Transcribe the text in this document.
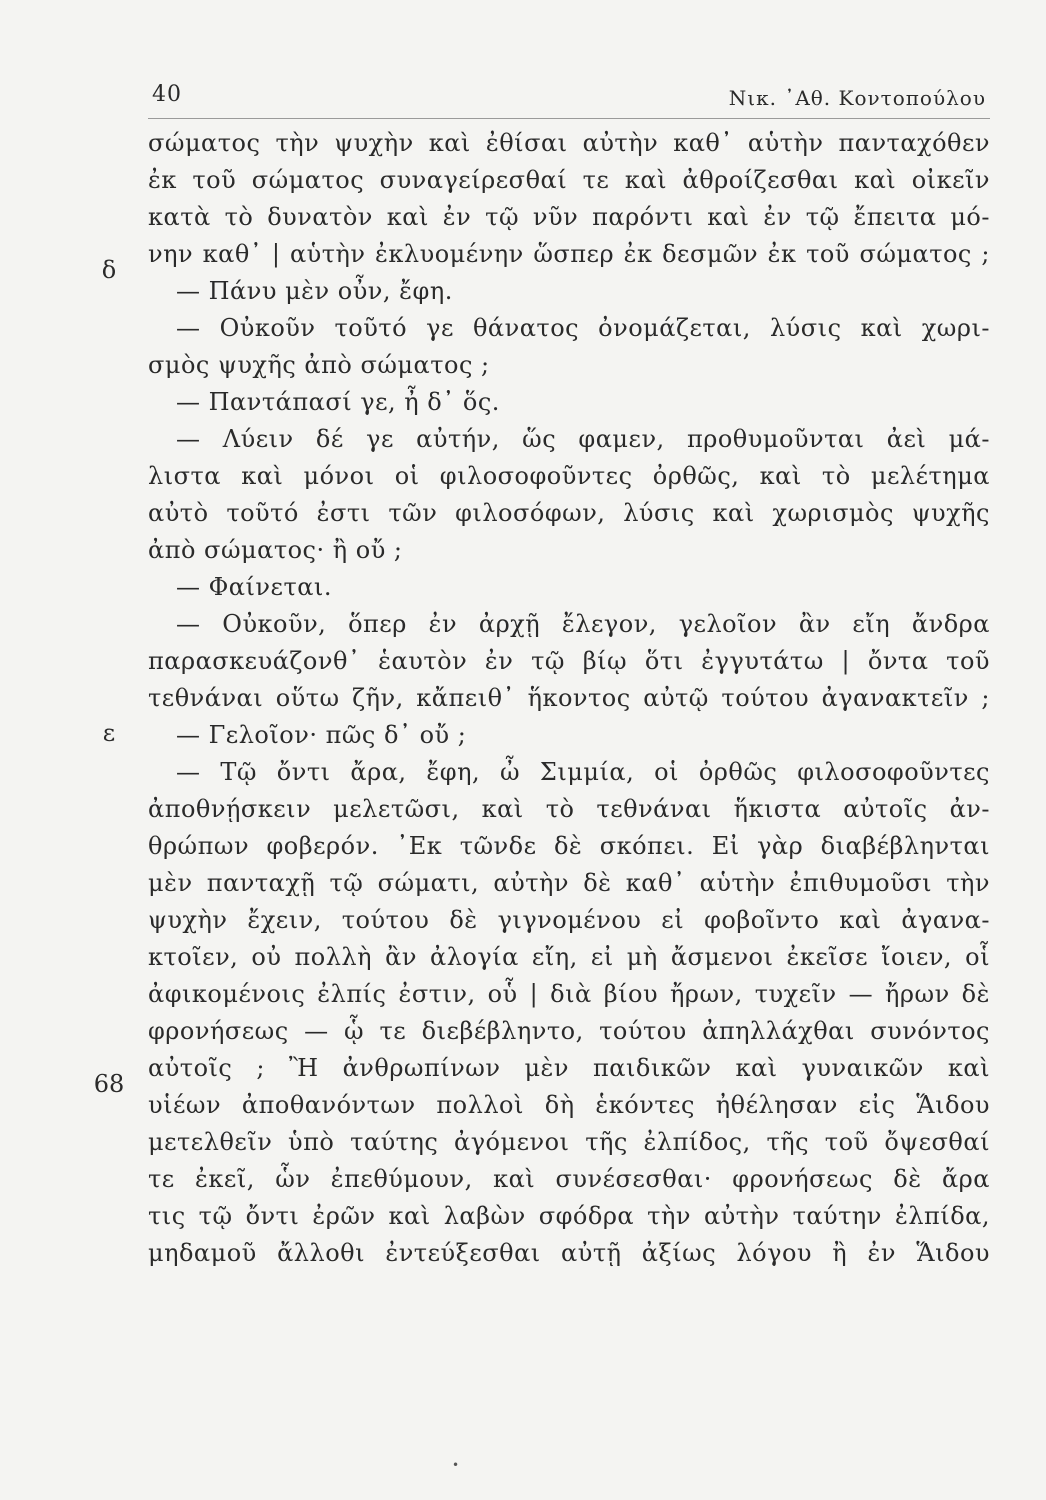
40	Νικ. ᾿Αθ. Κοντοπούλου
δ
ε
68
σώματος τὴν ψυχὴν καὶ ἐθίσαι αὐτὴν καθ᾿ αὑτὴν πανταχόθεν
ἐκ τοῦ σώματος συναγείρεσθαί τε καὶ ἀθροίζεσθαι καὶ οἰκεῖν
κατὰ τὸ δυνατὸν καὶ ἐν τῷ νῦν παρόντι καὶ ἐν τῷ ἔπειτα μό-
νην καθ᾿ | αὑτὴν ἐκλυομένην ὥσπερ ἐκ δεσμῶν ἐκ τοῦ σώματος ;
— Πάνυ μὲν οὖν, ἔφη.
— Οὐκοῦν τοῦτό γε θάνατος ὀνομάζεται, λύσις καὶ χωρι-
σμὸς ψυχῆς ἀπὸ σώματος ;
— Παντάπασί γε, ἦ δ᾿ ὅς.
— Λύειν δέ γε αὐτήν, ὥς φαμεν, προθυμοῦνται ἀεὶ μά-
λιστα καὶ μόνοι οἱ φιλοσοφοῦντες ὀρθῶς, καὶ τὸ μελέτημα
αὐτὸ τοῦτό ἐστι τῶν φιλοσόφων, λύσις καὶ χωρισμὸς ψυχῆς
ἀπὸ σώματος· ἢ οὔ ;
— Φαίνεται.
— Οὐκοῦν, ὅπερ ἐν ἀρχῇ ἔλεγον, γελοῖον ἂν εἴη ἄνδρα
παρασκευάζονθ᾿ ἑαυτὸν ἐν τῷ βίῳ ὅτι ἐγγυτάτω | ὄντα τοῦ
τεθνάναι οὕτω ζῆν, κἄπειθ᾿ ἥκοντος αὐτῷ τούτου ἀγανακτεῖν ;
— Γελοῖον· πῶς δ᾿ οὔ ;
— Τῷ ὄντι ἄρα, ἔφη, ὦ Σιμμία, οἱ ὀρθῶς φιλοσοφοῦντες
ἀποθνῄσκειν μελετῶσι, καὶ τὸ τεθνάναι ἥκιστα αὐτοῖς ἀν-
θρώπων φοβερόν. ᾿Εκ τῶνδε δὲ σκόπει. Εἰ γὰρ διαβέβληνται
μὲν πανταχῇ τῷ σώματι, αὐτὴν δὲ καθ᾿ αὑτὴν ἐπιθυμοῦσι τὴν
ψυχὴν ἔχειν, τούτου δὲ γιγνομένου εἰ φοβοῖντο καὶ ἀγανα-
κτοῖεν, οὐ πολλὴ ἂν ἀλογία εἴη, εἰ μὴ ἄσμενοι ἐκεῖσε ἴοιεν, οἷ
ἀφικομένοις ἐλπίς ἐστιν, οὗ | διὰ βίου ἤρων, τυχεῖν — ἤρων δὲ
φρονήσεως — ᾧ τε διεβέβληντο, τούτου ἀπηλλάχθαι συνόντος
αὐτοῖς ; Ἢ ἀνθρωπίνων μὲν παιδικῶν καὶ γυναικῶν καὶ
υἱέων ἀποθανόντων πολλοὶ δὴ ἑκόντες ἠθέλησαν εἰς Ἅιδου
μετελθεῖν ὑπὸ ταύτης ἀγόμενοι τῆς ἐλπίδος, τῆς τοῦ ὄψεσθαί
τε ἐκεῖ, ὧν ἐπεθύμουν, καὶ συνέσεσθαι· φρονήσεως δὲ ἄρα
τις τῷ ὄντι ἐρῶν καὶ λαβὼν σφόδρα τὴν αὐτὴν ταύτην ἐλπίδα,
μηδαμοῦ ἄλλοθι ἐντεύξεσθαι αὐτῇ ἀξίως λόγου ἢ ἐν Ἅιδου
•
